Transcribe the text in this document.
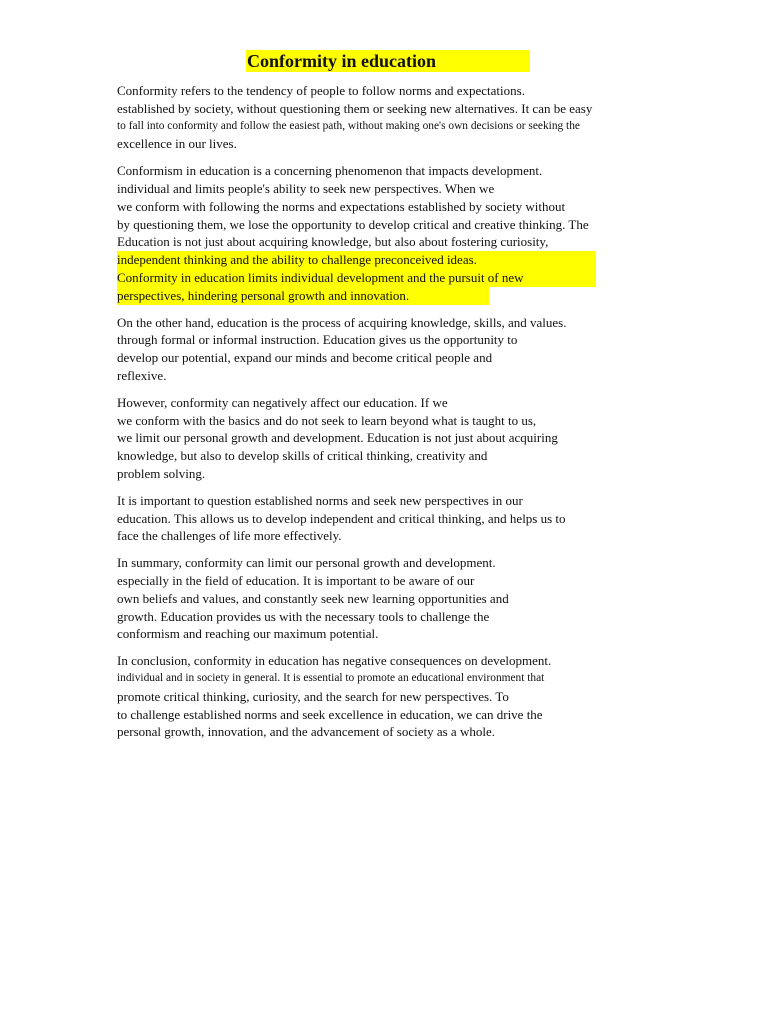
Conformity in education
Conformity refers to the tendency of people to follow norms and expectations.
established by society, without questioning them or seeking new alternatives. It can be easy
to fall into conformity and follow the easiest path, without making one's own decisions or seeking the
excellence in our lives.
Conformism in education is a concerning phenomenon that impacts development.
individual and limits people's ability to seek new perspectives. When we
we conform with following the norms and expectations established by society without
by questioning them, we lose the opportunity to develop critical and creative thinking. The
Education is not just about acquiring knowledge, but also about fostering curiosity,
independent thinking and the ability to challenge preconceived ideas.
Conformity in education limits individual development and the pursuit of new
perspectives, hindering personal growth and innovation.
On the other hand, education is the process of acquiring knowledge, skills, and values.
through formal or informal instruction. Education gives us the opportunity to
develop our potential, expand our minds and become critical people and
reflexive.
However, conformity can negatively affect our education. If we
we conform with the basics and do not seek to learn beyond what is taught to us,
we limit our personal growth and development. Education is not just about acquiring
knowledge, but also to develop skills of critical thinking, creativity and
problem solving.
It is important to question established norms and seek new perspectives in our
education. This allows us to develop independent and critical thinking, and helps us to
face the challenges of life more effectively.
In summary, conformity can limit our personal growth and development.
especially in the field of education. It is important to be aware of our
own beliefs and values, and constantly seek new learning opportunities and
growth. Education provides us with the necessary tools to challenge the
conformism and reaching our maximum potential.
In conclusion, conformity in education has negative consequences on development.
individual and in society in general. It is essential to promote an educational environment that
promote critical thinking, curiosity, and the search for new perspectives. To
to challenge established norms and seek excellence in education, we can drive the
personal growth, innovation, and the advancement of society as a whole.
